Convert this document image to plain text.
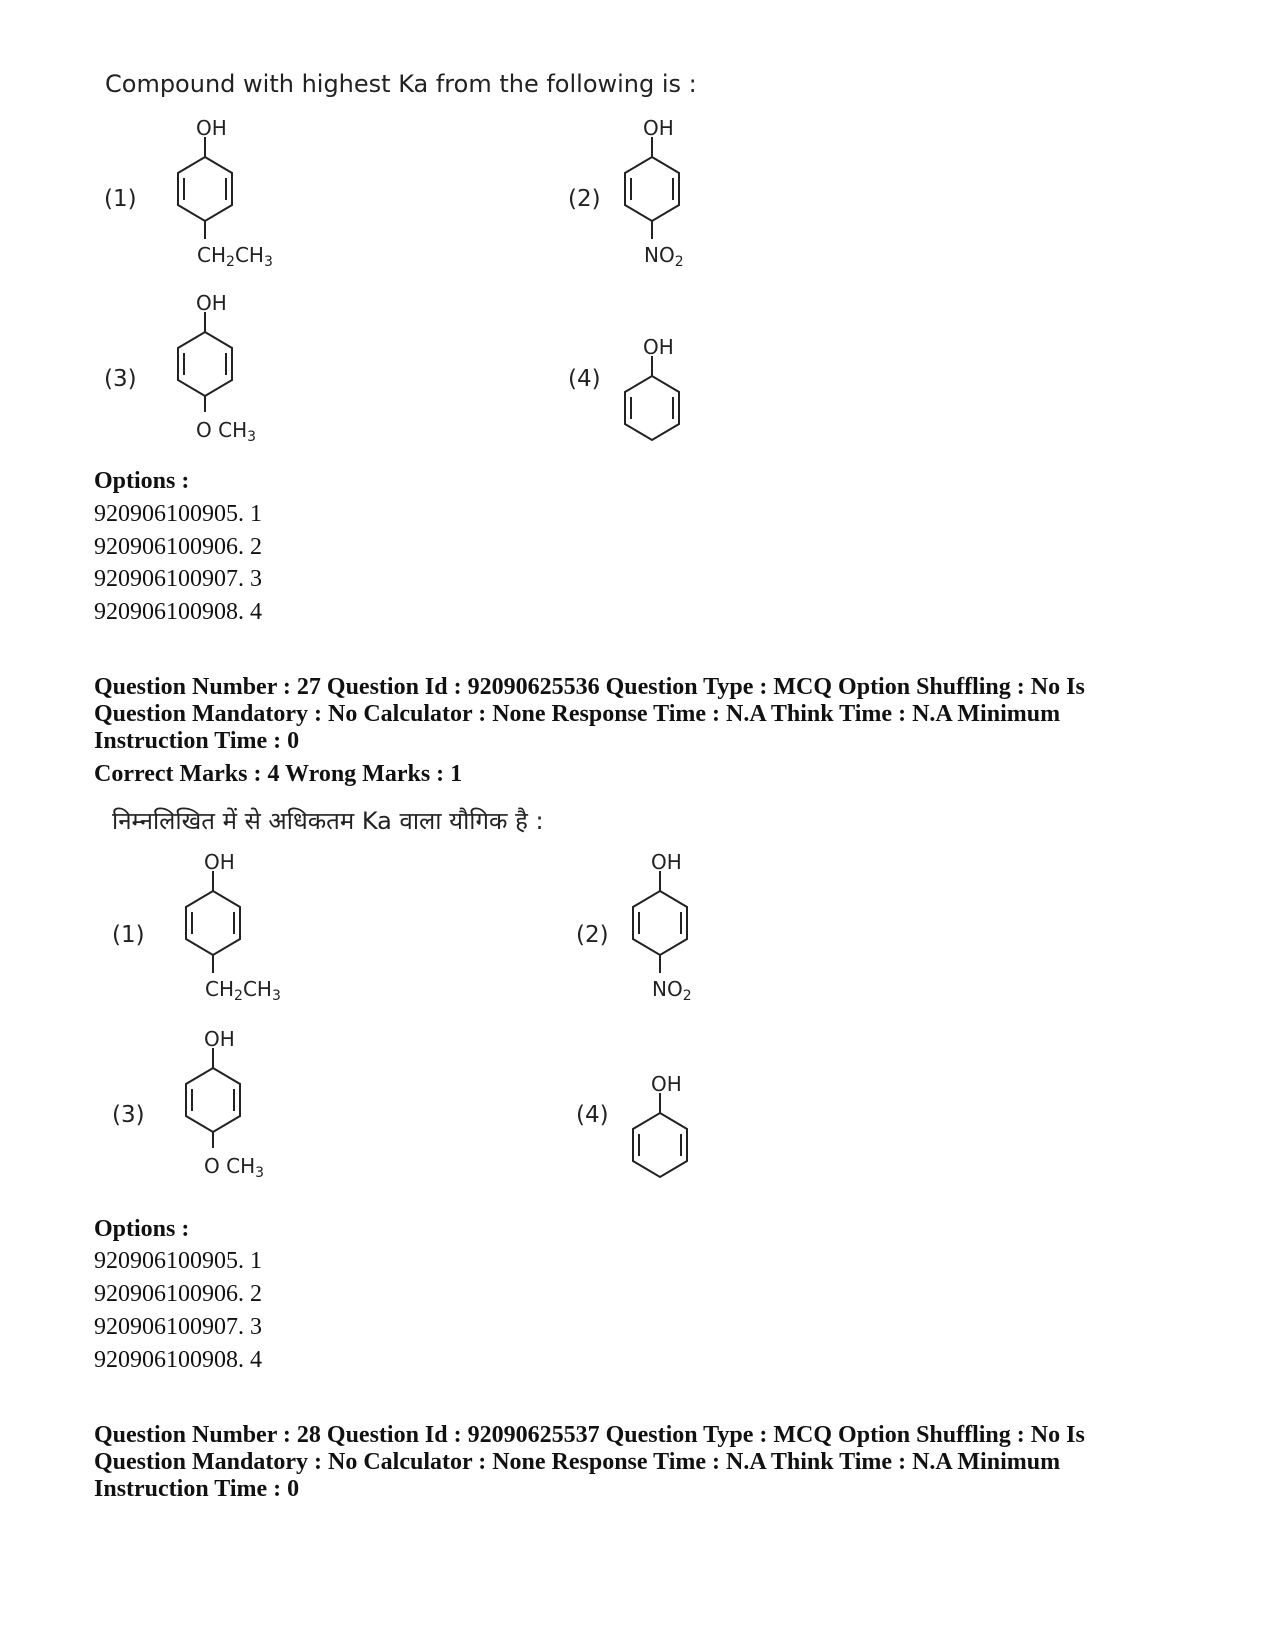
Compound with highest Ka from the following is :
(1)
OH
$CH_2CH_3$
(2)
OH
$NO_2$
(3)
OH
O $CH_3$
(4)
OH
Options :
920906100905. 1
920906100906. 2
920906100907. 3
920906100908. 4
Question Number : 27 Question Id : 92090625536 Question Type : MCQ Option Shuffling : No Is
Question Mandatory : No Calculator : None Response Time : N.A Think Time : N.A Minimum
Instruction Time : 0
Correct Marks : 4 Wrong Marks : 1
निम्नलिखित में से अधिकतम Ka वाला यौगिक है :
(1)
OH
$CH_2CH_3$
(2)
OH
$NO_2$
(3)
OH
O $CH_3$
(4)
OH
Options :
920906100905. 1
920906100906. 2
920906100907. 3
920906100908. 4
Question Number : 28 Question Id : 92090625537 Question Type : MCQ Option Shuffling : No Is
Question Mandatory : No Calculator : None Response Time : N.A Think Time : N.A Minimum
Instruction Time : 0
